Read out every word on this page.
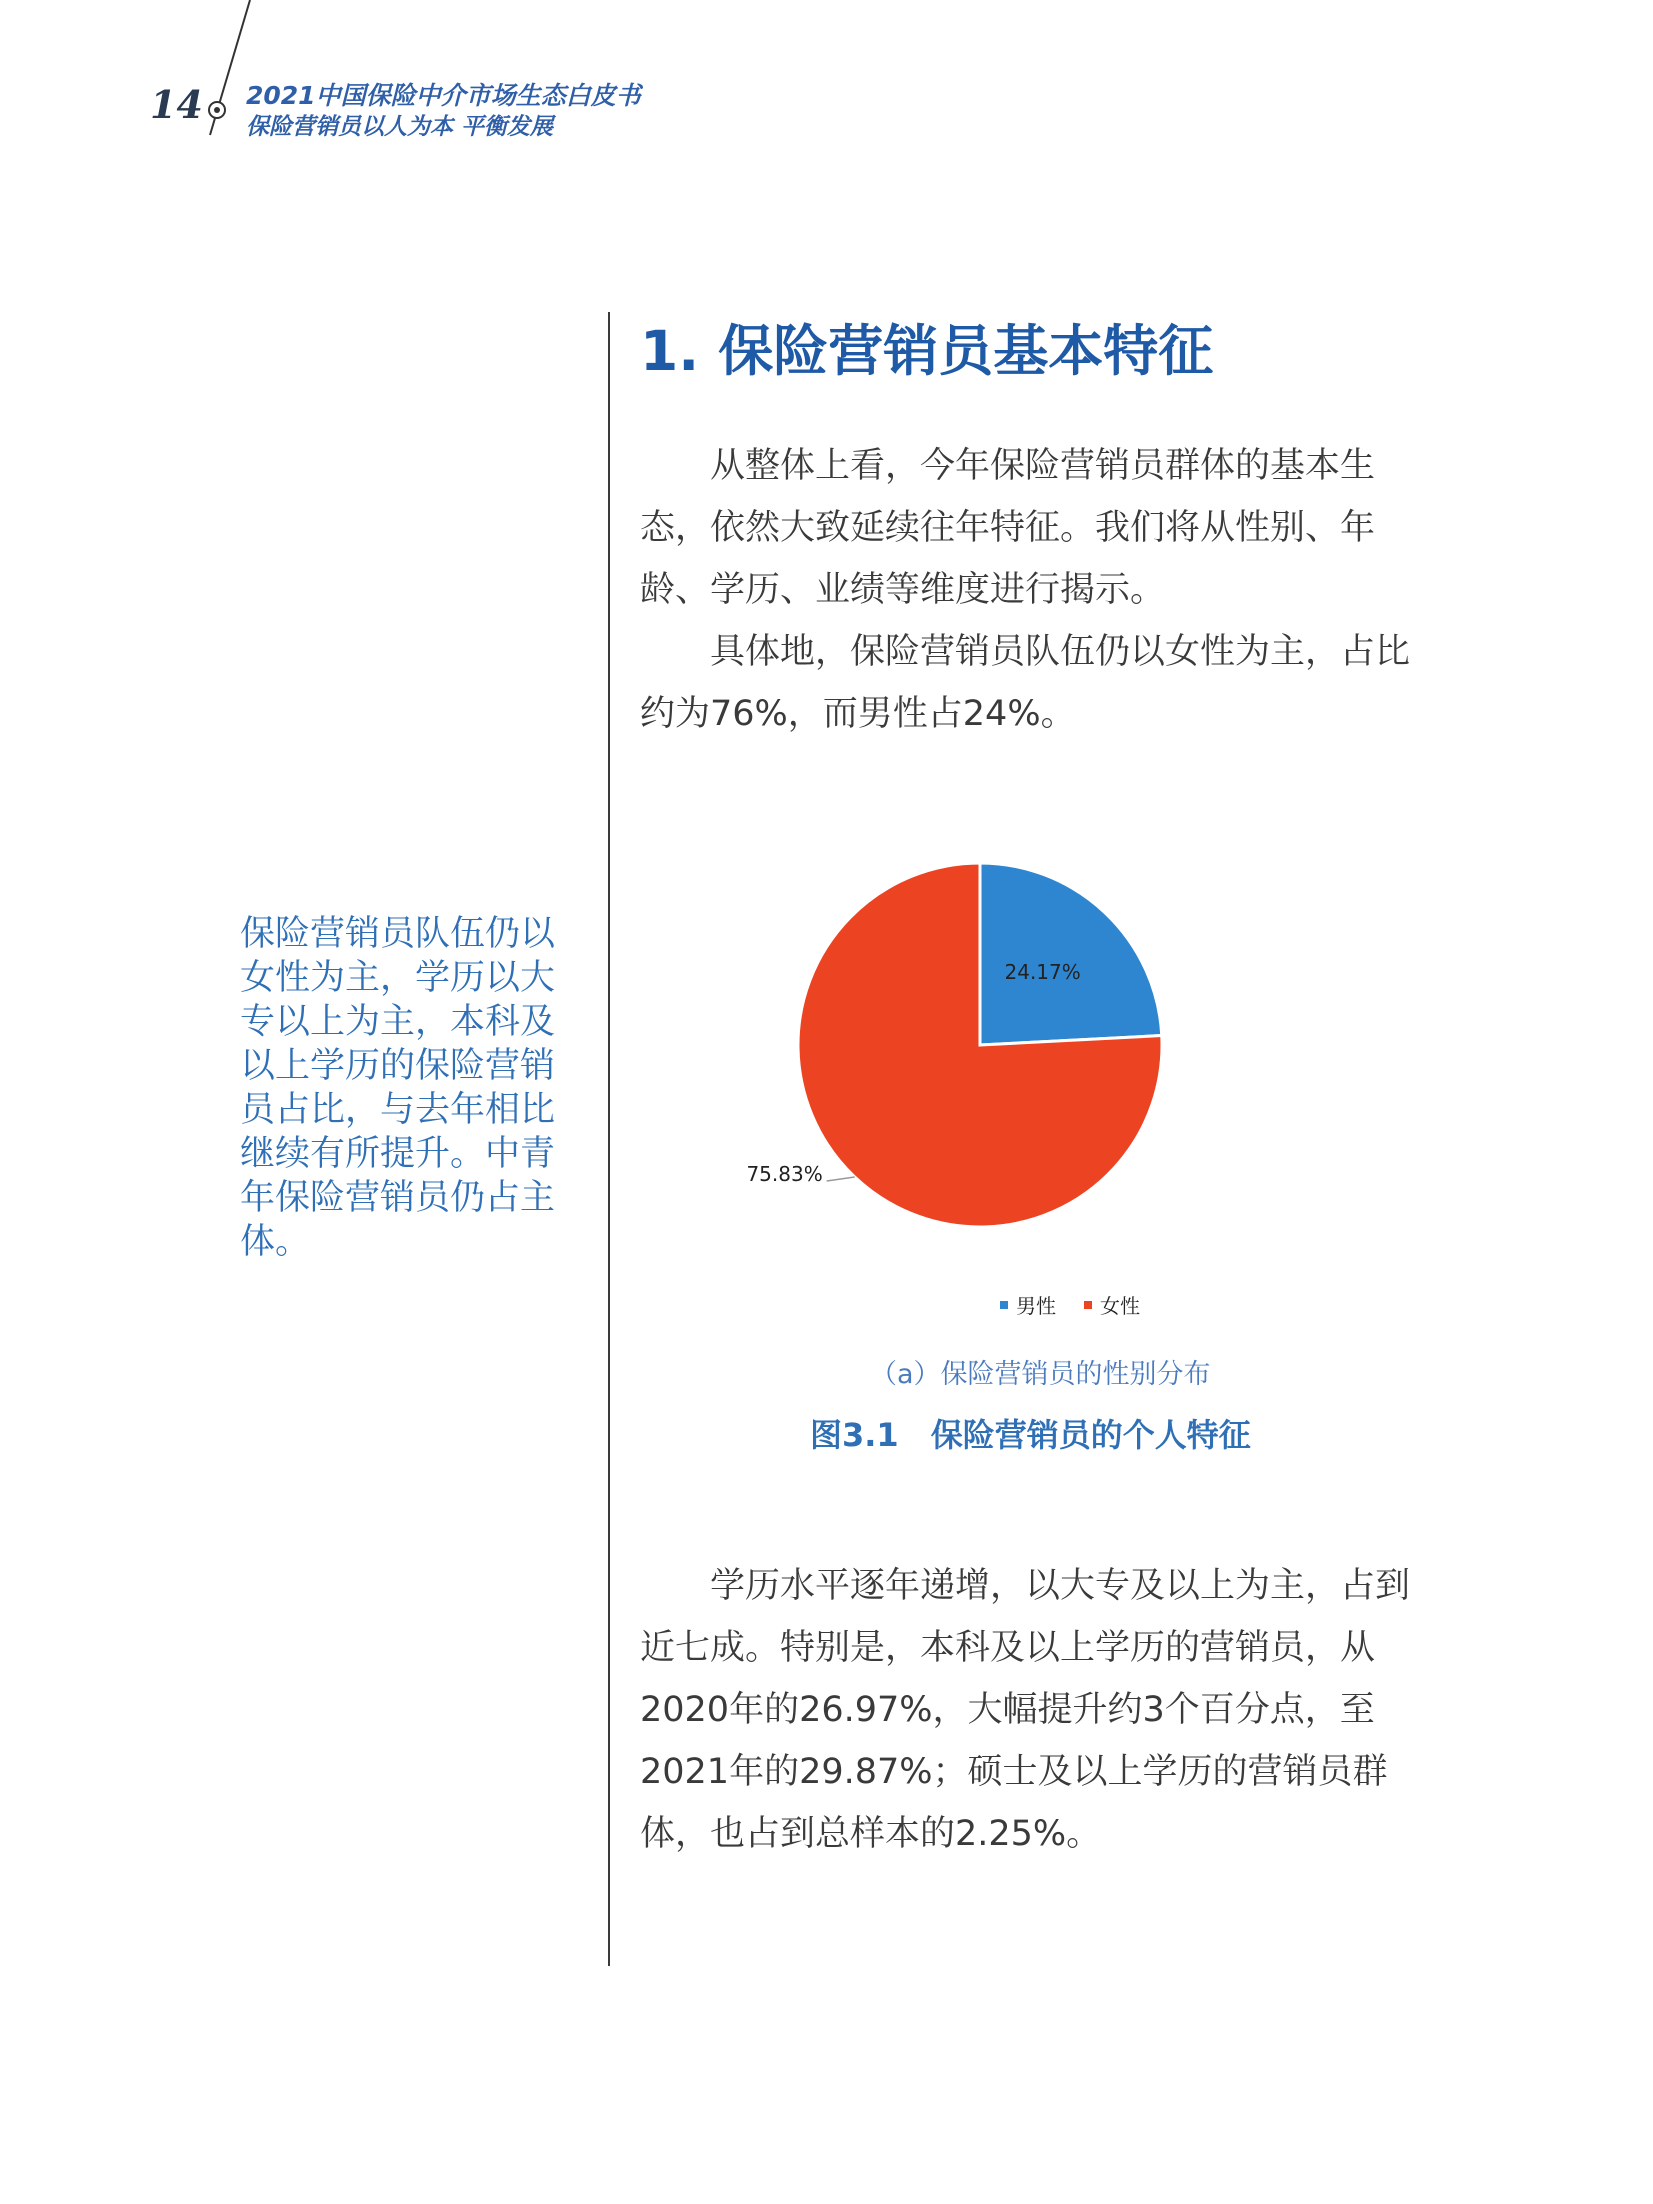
14 2021中国保险中介市场生态白皮书
保险营销员以人为本 平衡发展
保险营销员队伍仍以女性为主，学历以大专以上为主，本科及以上学历的保险营销员占比，与去年相比继续有所提升。中青年保险营销员仍占主体。
1. 保险营销员基本特征

从整体上看，今年保险营销员群体的基本生态，依然大致延续往年特征。我们将从性别、年龄、学历、业绩等维度进行揭示。

具体地，保险营销员队伍仍以女性为主，占比约为76%，而男性占24%。

24.17%
75.83%
男性 女性
（a）保险营销员的性别分布
图3.1　保险营销员的个人特征

学历水平逐年递增，以大专及以上为主，占到近七成。特别是，本科及以上学历的营销员，从2020年的26.97%，大幅提升约3个百分点，至2021年的29.87%；硕士及以上学历的营销员群体，也占到总样本的2.25%。
